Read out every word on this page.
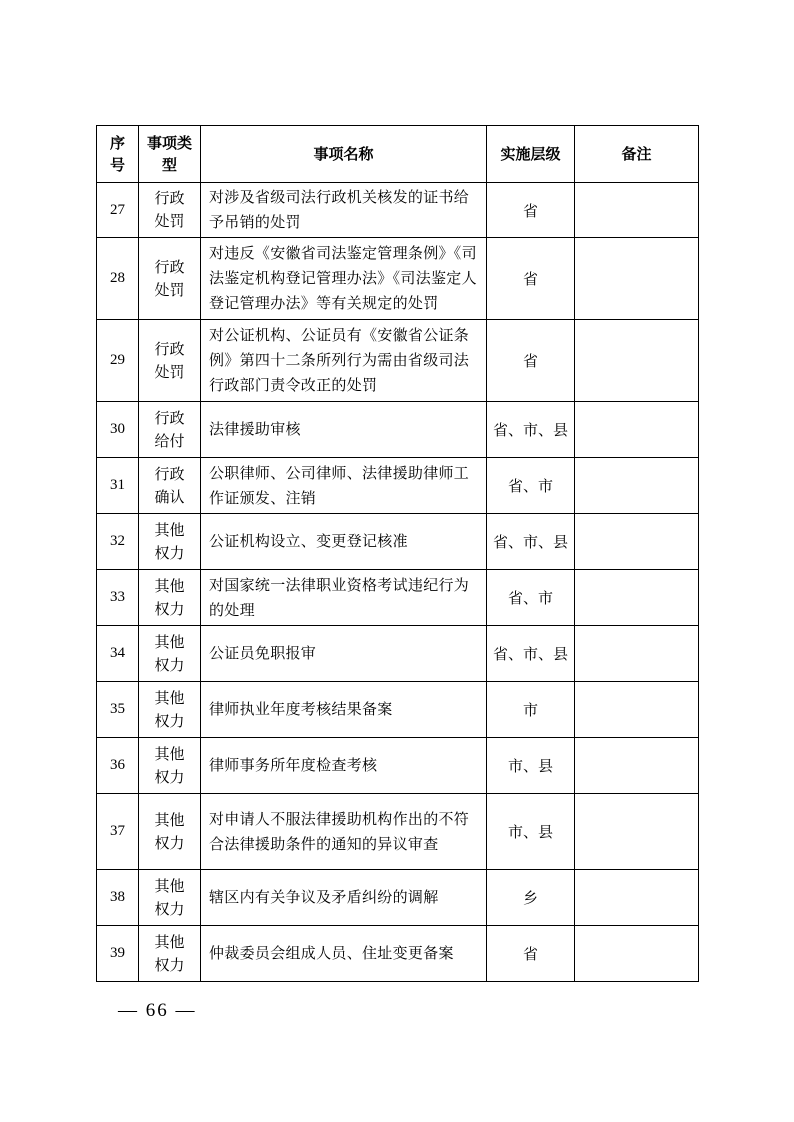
序号	事项类型	事项名称	实施层级	备注
27	行政处罚	对涉及省级司法行政机关核发的证书给予吊销的处罚	省	
28	行政处罚	对违反《安徽省司法鉴定管理条例》《司法鉴定机构登记管理办法》《司法鉴定人登记管理办法》等有关规定的处罚	省	
29	行政处罚	对公证机构、公证员有《安徽省公证条例》第四十二条所列行为需由省级司法行政部门责令改正的处罚	省	
30	行政给付	法律援助审核	省、市、县	
31	行政确认	公职律师、公司律师、法律援助律师工作证颁发、注销	省、市	
32	其他权力	公证机构设立、变更登记核准	省、市、县	
33	其他权力	对国家统一法律职业资格考试违纪行为的处理	省、市	
34	其他权力	公证员免职报审	省、市、县	
35	其他权力	律师执业年度考核结果备案	市	
36	其他权力	律师事务所年度检查考核	市、县	
37	其他权力	对申请人不服法律援助机构作出的不符合法律援助条件的通知的异议审查	市、县	
38	其他权力	辖区内有关争议及矛盾纠纷的调解	乡	
39	其他权力	仲裁委员会组成人员、住址变更备案	省	
— 66 —
